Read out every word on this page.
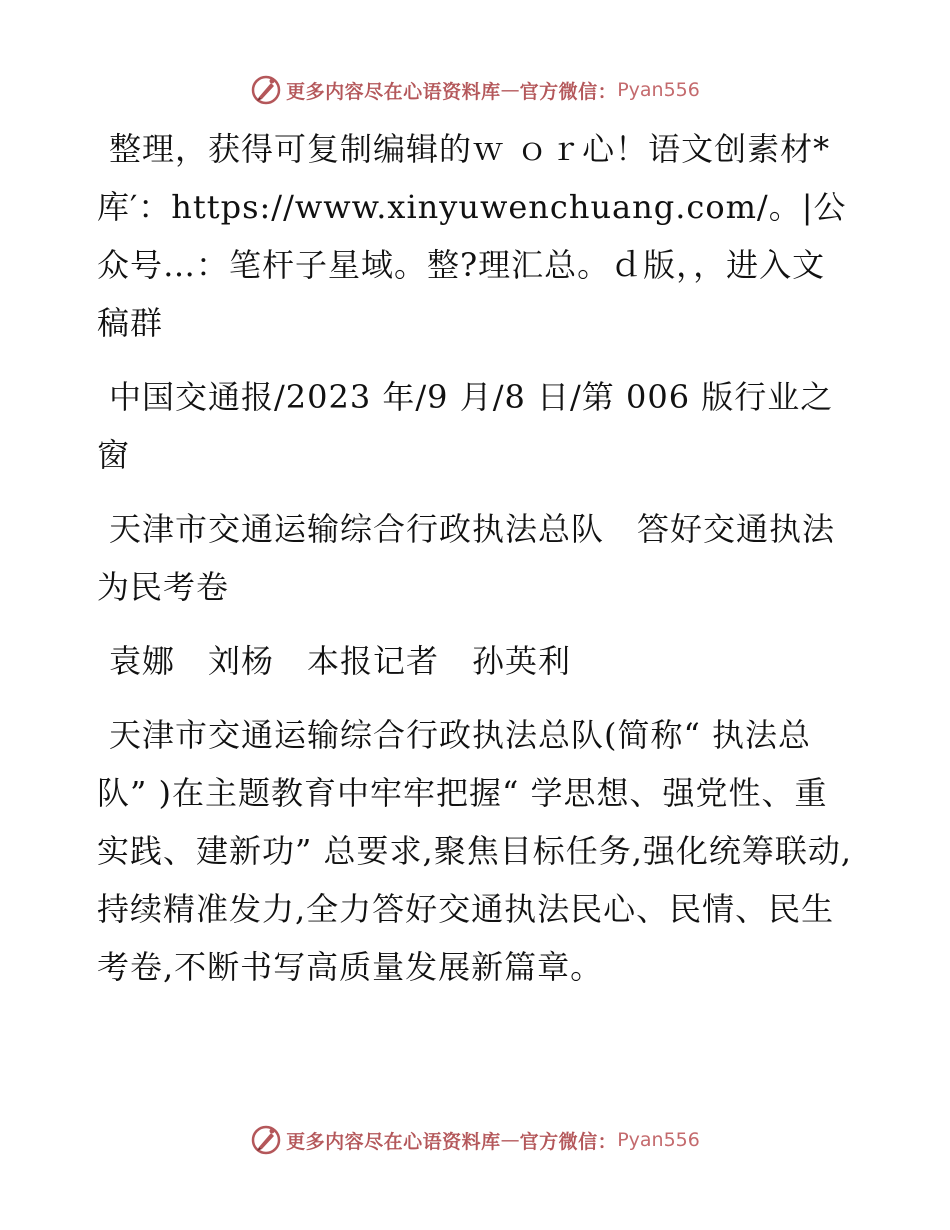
更多内容尽在心语资料库 — 官方微信： Pyan556

整理，获得可复制编辑的ｗ ｏｒ心！语文创素材*库′：https://www.xinyuwenchuang.com/。|公众号…：笔杆子星域。整?理汇总。ｄ版，，进入文稿群

中国交通报/2023 年/9 月/8 日/第 006 版行业之窗

天津市交通运输综合行政执法总队　答好交通执法为民考卷

袁娜　刘杨　本报记者　孙英利

天津市交通运输综合行政执法总队(简称“ 执法总队” )在主题教育中牢牢把握“ 学思想、强党性、重实践、建新功” 总要求,聚焦目标任务,强化统筹联动,持续精准发力,全力答好交通执法民心、民情、民生考卷,不断书写高质量发展新篇章。

更多内容尽在心语资料库 — 官方微信： Pyan556
